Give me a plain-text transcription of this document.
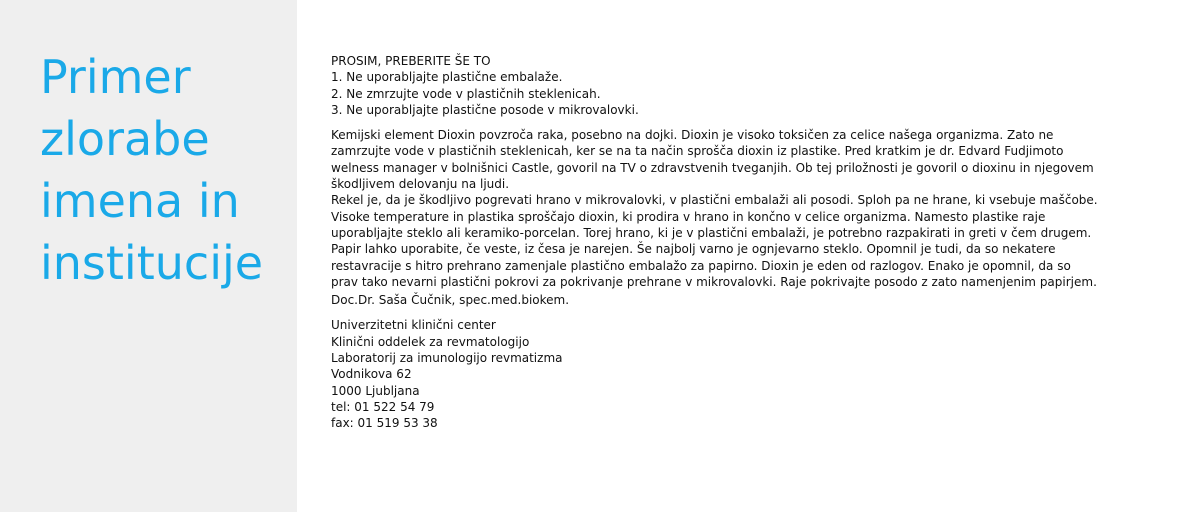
Primer
zlorabe
imena in
institucije
PROSIM, PREBERITE ŠE TO
1. Ne uporabljajte plastične embalaže.
2. Ne zmrzujte vode v plastičnih steklenicah.
3. Ne uporabljajte plastične posode v mikrovalovki.

Kemijski element Dioxin povzroča raka, posebno na dojki. Dioxin je visoko toksičen za celice našega organizma. Zato ne
zamrzujte vode v plastičnih steklenicah, ker se na ta način sprošča dioxin iz plastike. Pred kratkim je dr. Edvard Fudjimoto
welness manager v bolnišnici Castle, govoril na TV o zdravstvenih tveganjih. Ob tej priložnosti je govoril o dioxinu in njegovem
škodljivem delovanju na ljudi.

Rekel je, da je škodljivo pogrevati hrano v mikrovalovki, v plastični embalaži ali posodi. Sploh pa ne hrane, ki vsebuje maščobe.
Visoke temperature in plastika sproščajo dioxin, ki prodira v hrano in končno v celice organizma. Namesto plastike raje
uporabljajte steklo ali keramiko-porcelan. Torej hrano, ki je v plastični embalaži, je potrebno razpakirati in greti v čem drugem.

Papir lahko uporabite, če veste, iz česa je narejen. Še najbolj varno je ognjevarno steklo. Opomnil je tudi, da so nekatere
restavracije s hitro prehrano zamenjale plastično embalažo za papirno. Dioxin je eden od razlogov. Enako je opomnil, da so
prav tako nevarni plastični pokrovi za pokrivanje prehrane v mikrovalovki. Raje pokrivajte posodo z zato namenjenim papirjem.

Doc.Dr. Saša Čučnik, spec.med.biokem.
Univerzitetni klinični center
Klinični oddelek za revmatologijo
Laboratorij za imunologijo revmatizma
Vodnikova 62
1000 Ljubljana
tel: 01 522 54 79
fax: 01 519 53 38
